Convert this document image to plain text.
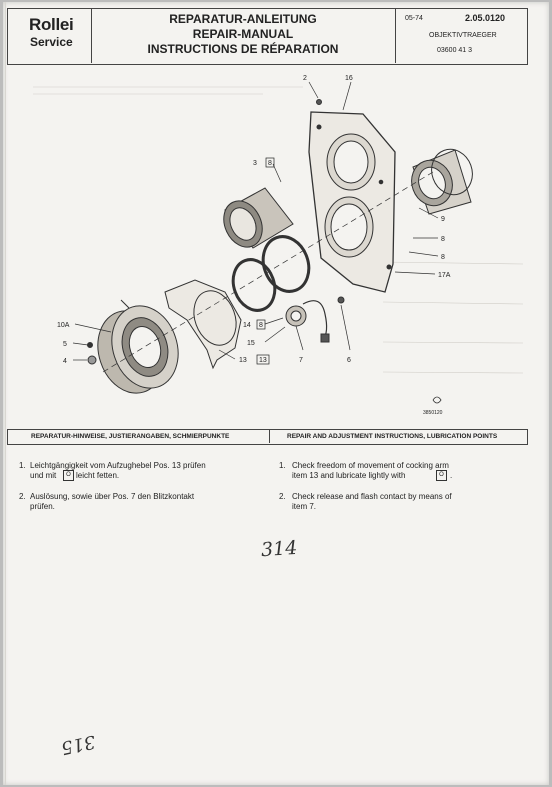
Rollei
Service
REPARATUR-ANLEITUNG
REPAIR-MANUAL
INSTRUCTIONS DE RÉPARATION
05-74	2.05.0120
OBJEKTIVTRAEGER
03600 41 3
2	16
3 8
9
8
8
17A
10A
5
4
14 8
15
13 13	7	6
3850120
REPARATUR-HINWEISE, JUSTIERANGABEN, SCHMIERPUNKTE	REPAIR AND ADJUSTMENT INSTRUCTIONS, LUBRICATION POINTS
1. Leichtgängigkeit vom Aufzughebel Pos. 13 prüfen
und mit	O leicht fetten.
2. Auslösung, sowie über Pos. 7 den Blitzkontakt
prüfen.
1. Check freedom of movement of cocking arm
item 13 and lubricate lightly with	O .
2. Check release and flash contact by means of
item 7.
314
315
